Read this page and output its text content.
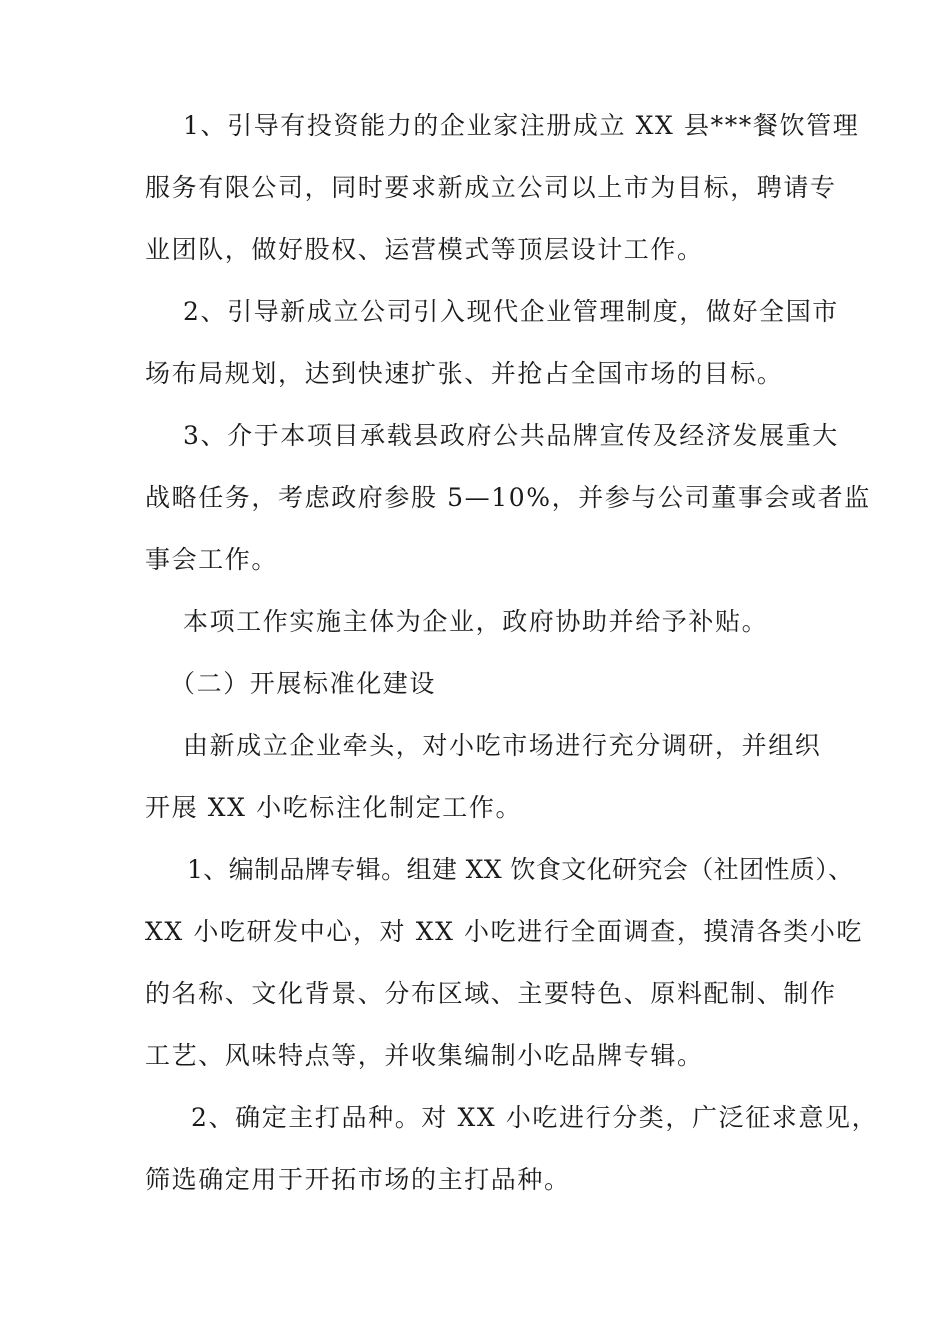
1、引导有投资能力的企业家注册成立 XX 县***餐饮管理

服务有限公司，同时要求新成立公司以上市为目标，聘请专

业团队，做好股权、运营模式等顶层设计工作。

2、引导新成立公司引入现代企业管理制度，做好全国市

场布局规划，达到快速扩张、并抢占全国市场的目标。

3、介于本项目承载县政府公共品牌宣传及经济发展重大

战略任务，考虑政府参股 5—10%，并参与公司董事会或者监

事会工作。

本项工作实施主体为企业，政府协助并给予补贴。

（二）开展标准化建设

由新成立企业牵头，对小吃市场进行充分调研，并组织

开展 XX 小吃标注化制定工作。

1、编制品牌专辑。组建 XX 饮食文化研究会（社团性质）、

XX 小吃研发中心，对 XX 小吃进行全面调查，摸清各类小吃

的名称、文化背景、分布区域、主要特色、原料配制、制作

工艺、风味特点等，并收集编制小吃品牌专辑。

2、确定主打品种。对 XX 小吃进行分类，广泛征求意见，

筛选确定用于开拓市场的主打品种。
